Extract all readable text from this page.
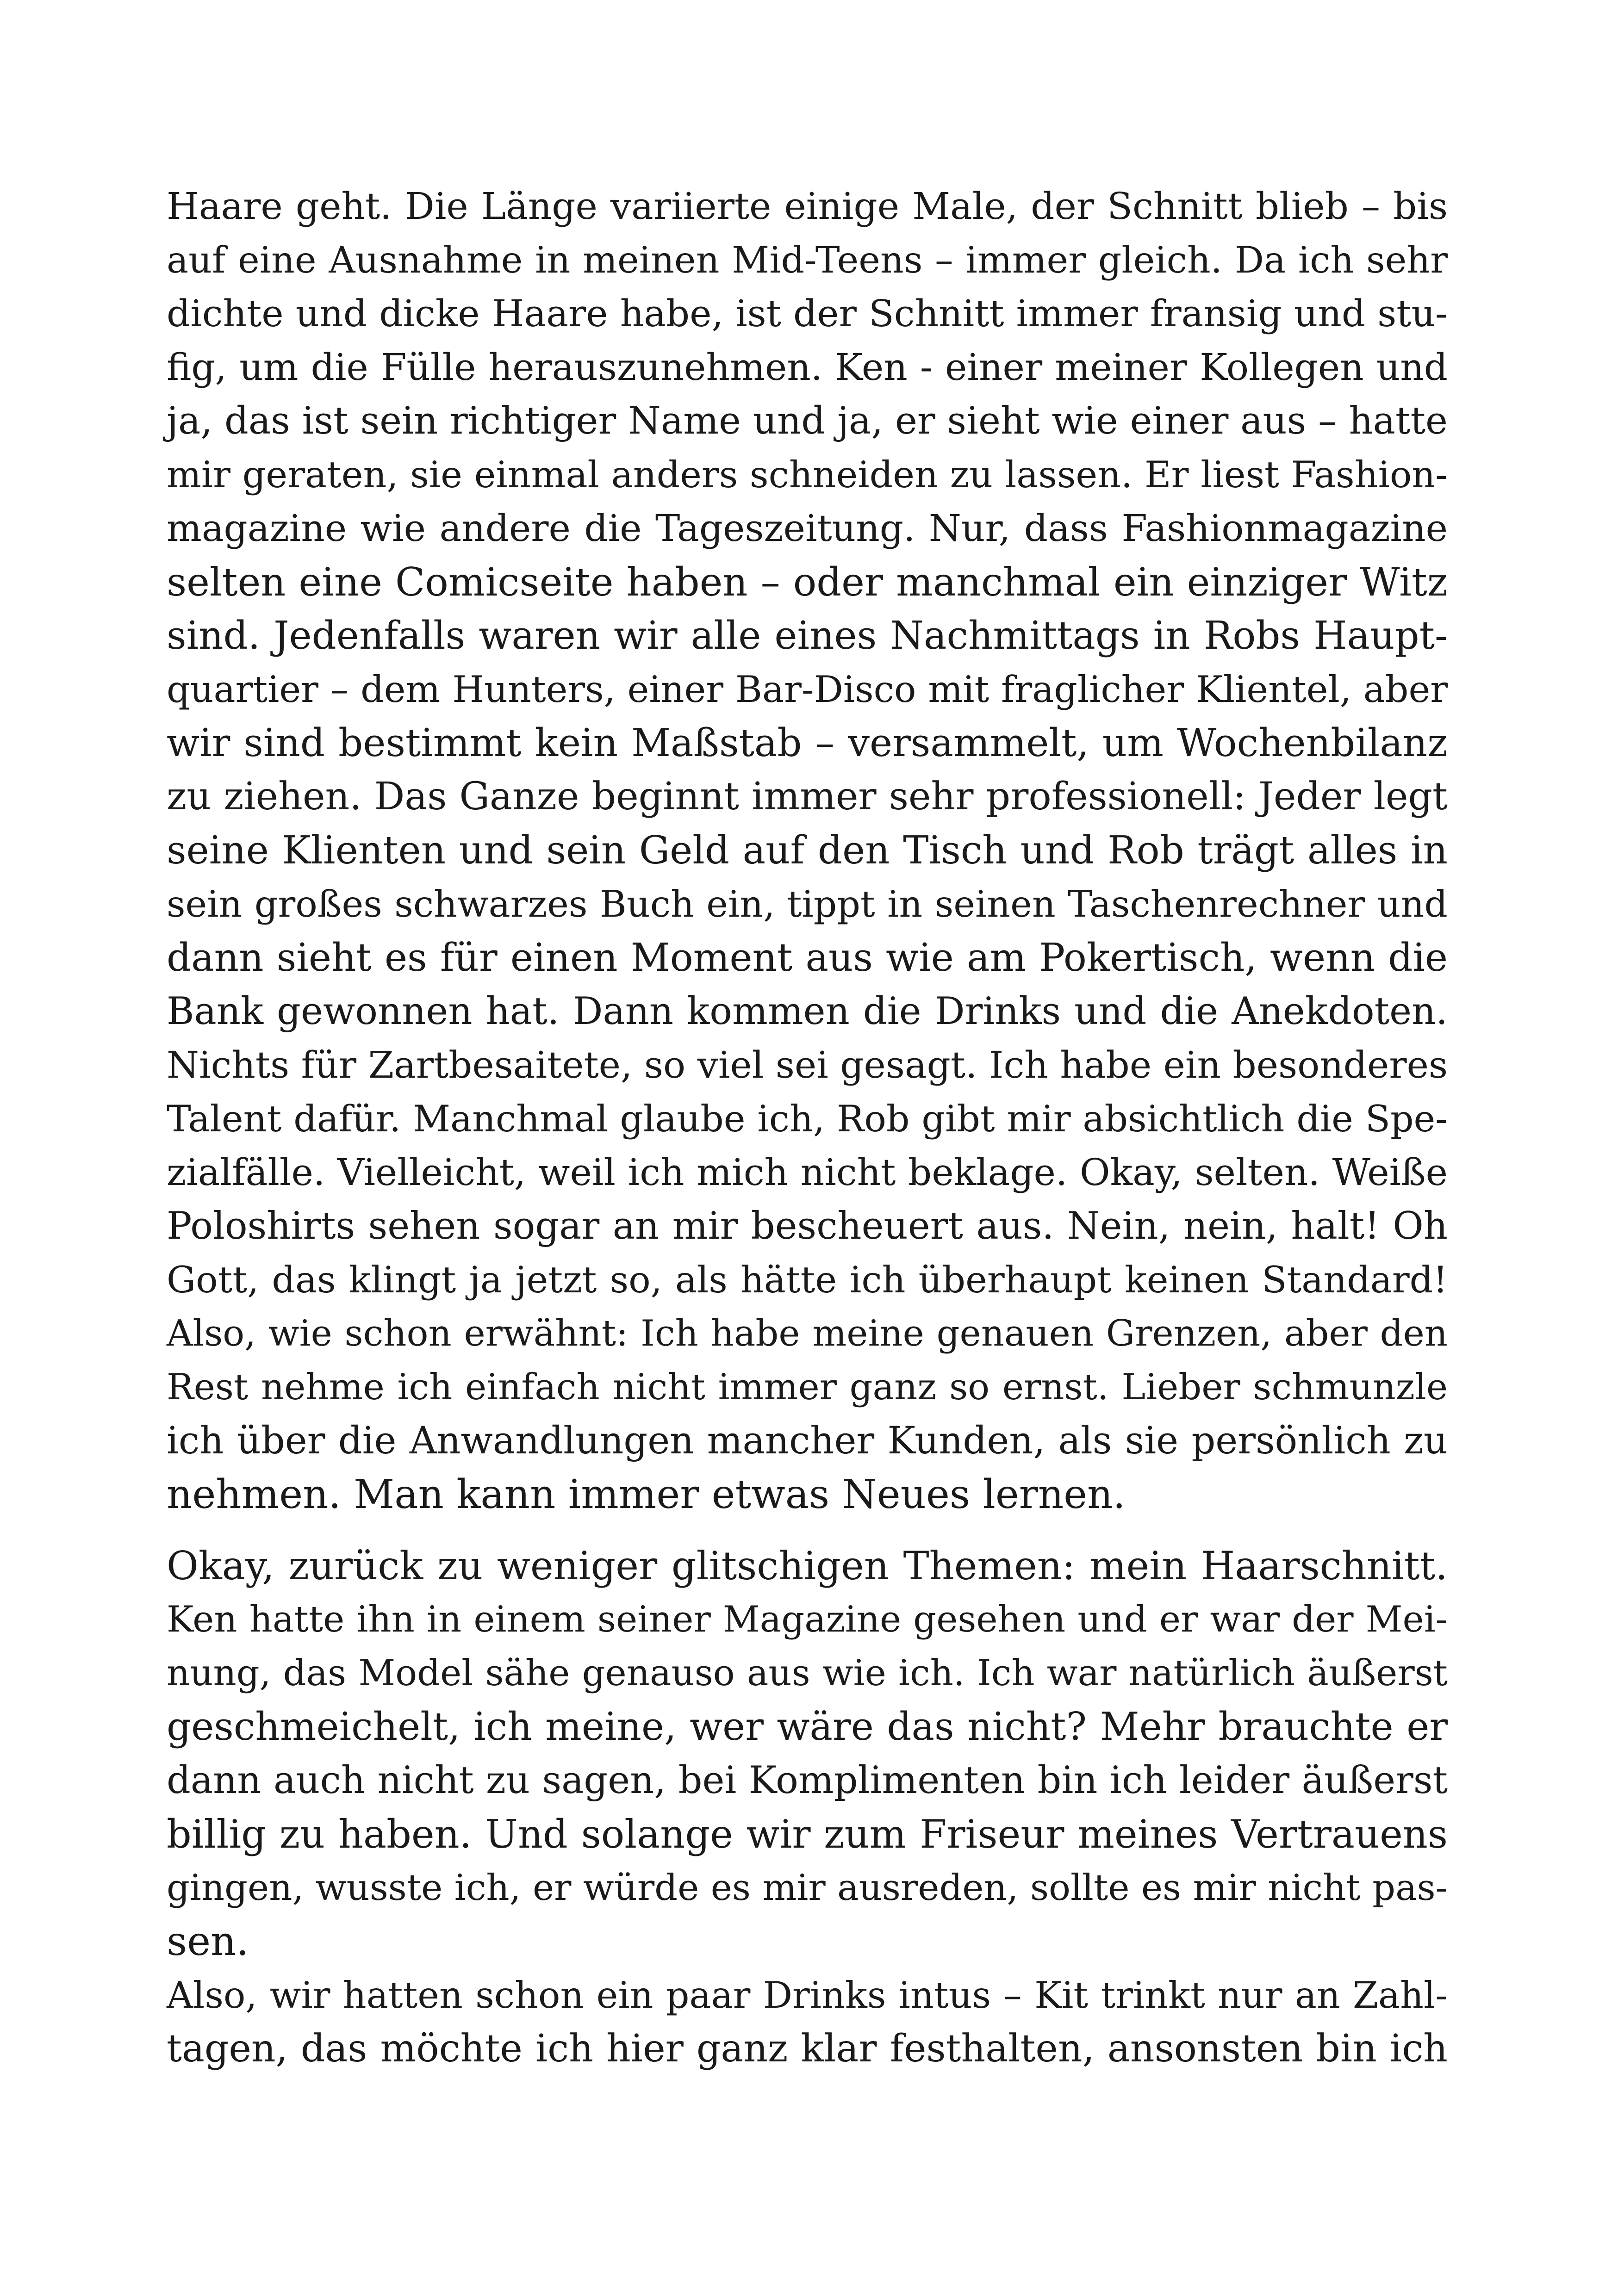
Haare geht. Die Länge variierte einige Male, der Schnitt blieb – bis
auf eine Ausnahme in meinen Mid-Teens – immer gleich. Da ich sehr
dichte und dicke Haare habe, ist der Schnitt immer fransig und stu-
fig, um die Fülle herauszunehmen. Ken - einer meiner Kollegen und
ja, das ist sein richtiger Name und ja, er sieht wie einer aus – hatte
mir geraten, sie einmal anders schneiden zu lassen. Er liest Fashion-
magazine wie andere die Tageszeitung. Nur, dass Fashionmagazine
selten eine Comicseite haben – oder manchmal ein einziger Witz
sind. Jedenfalls waren wir alle eines Nachmittags in Robs Haupt-
quartier – dem Hunters, einer Bar-Disco mit fraglicher Klientel, aber
wir sind bestimmt kein Maßstab – versammelt, um Wochenbilanz
zu ziehen. Das Ganze beginnt immer sehr professionell: Jeder legt
seine Klienten und sein Geld auf den Tisch und Rob trägt alles in
sein großes schwarzes Buch ein, tippt in seinen Taschenrechner und
dann sieht es für einen Moment aus wie am Pokertisch, wenn die
Bank gewonnen hat. Dann kommen die Drinks und die Anekdoten.
Nichts für Zartbesaitete, so viel sei gesagt. Ich habe ein besonderes
Talent dafür. Manchmal glaube ich, Rob gibt mir absichtlich die Spe-
zialfälle. Vielleicht, weil ich mich nicht beklage. Okay, selten. Weiße
Poloshirts sehen sogar an mir bescheuert aus. Nein, nein, halt! Oh
Gott, das klingt ja jetzt so, als hätte ich überhaupt keinen Standard!
Also, wie schon erwähnt: Ich habe meine genauen Grenzen, aber den
Rest nehme ich einfach nicht immer ganz so ernst. Lieber schmunzle
ich über die Anwandlungen mancher Kunden, als sie persönlich zu
nehmen. Man kann immer etwas Neues lernen.
Okay, zurück zu weniger glitschigen Themen: mein Haarschnitt.
Ken hatte ihn in einem seiner Magazine gesehen und er war der Mei-
nung, das Model sähe genauso aus wie ich. Ich war natürlich äußerst
geschmeichelt, ich meine, wer wäre das nicht? Mehr brauchte er
dann auch nicht zu sagen, bei Komplimenten bin ich leider äußerst
billig zu haben. Und solange wir zum Friseur meines Vertrauens
gingen, wusste ich, er würde es mir ausreden, sollte es mir nicht pas-
sen.
Also, wir hatten schon ein paar Drinks intus – Kit trinkt nur an Zahl-
tagen, das möchte ich hier ganz klar festhalten, ansonsten bin ich
